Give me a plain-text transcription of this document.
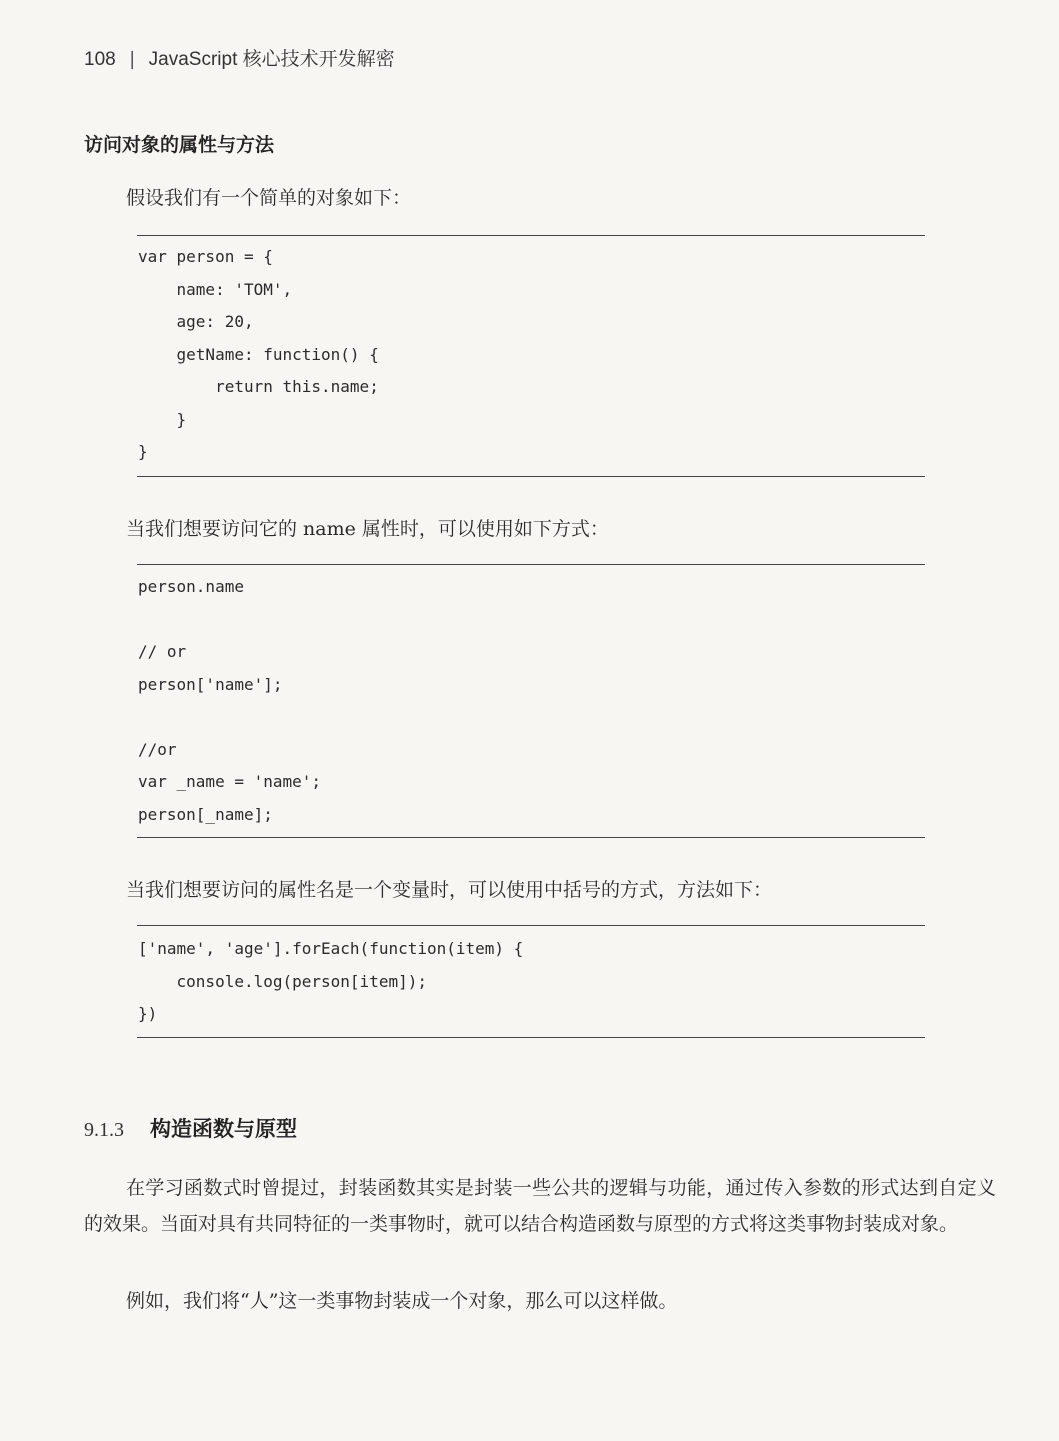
108 | JavaScript 核心技术开发解密
访问对象的属性与方法
假设我们有一个简单的对象如下：
var person = {
name: 'TOM',
age: 20,
getName: function() {
return this.name;
}
}
当我们想要访问它的 name 属性时，可以使用如下方式：
person.name

// or
person['name'];

//or
var _name = 'name';
person[_name];
当我们想要访问的属性名是一个变量时，可以使用中括号的方式，方法如下：
['name', 'age'].forEach(function(item) {
console.log(person[item]);
})
9.1.3 构造函数与原型

在学习函数式时曾提过，封装函数其实是封装一些公共的逻辑与功能，通过传入参数的形式达到自定义的效果。当面对具有共同特征的一类事物时，就可以结合构造函数与原型的方式将这类事物封装成对象。

例如，我们将“人”这一类事物封装成一个对象，那么可以这样做。
